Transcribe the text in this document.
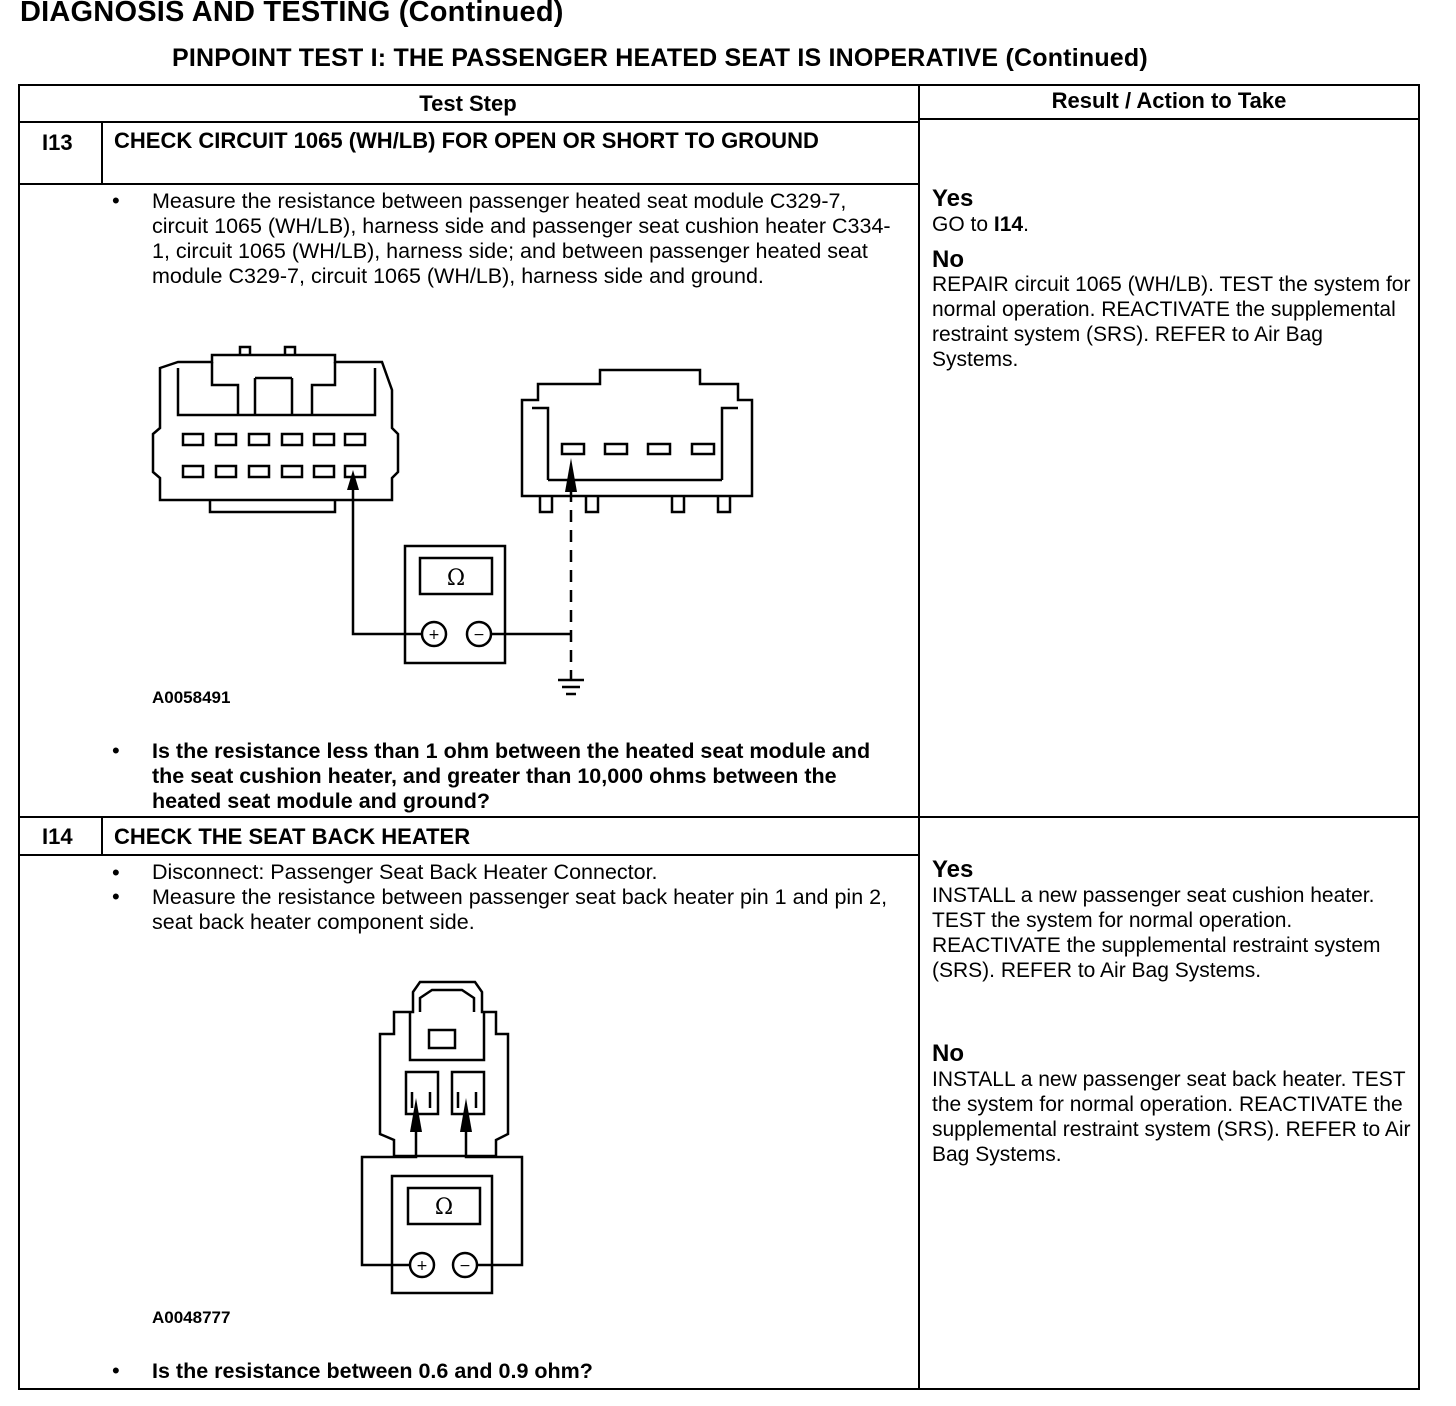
DIAGNOSIS AND TESTING (Continued)
PINPOINT TEST I: THE PASSENGER HEATED SEAT IS INOPERATIVE (Continued)
Test Step	Result / Action to Take
I13 CHECK CIRCUIT 1065 (WH/LB) FOR OPEN OR SHORT TO GROUND
• Measure the resistance between passenger heated seat module C329-7, circuit 1065 (WH/LB), harness side and passenger seat cushion heater C334-1, circuit 1065 (WH/LB), harness side; and between passenger heated seat module C329-7, circuit 1065 (WH/LB), harness side and ground.
+ −
Ω
A0058491
• Is the resistance less than 1 ohm between the heated seat module and the seat cushion heater, and greater than 10,000 ohms between the heated seat module and ground?
Yes
GO to I14.
No
REPAIR circuit 1065 (WH/LB). TEST the system for normal operation. REACTIVATE the supplemental restraint system (SRS). REFER to Air Bag Systems.
I14 CHECK THE SEAT BACK HEATER
• Disconnect: Passenger Seat Back Heater Connector.
• Measure the resistance between passenger seat back heater pin 1 and pin 2, seat back heater component side.
+ −
Ω
A0048777
• Is the resistance between 0.6 and 0.9 ohm?
Yes
INSTALL a new passenger seat cushion heater. TEST the system for normal operation. REACTIVATE the supplemental restraint system (SRS). REFER to Air Bag Systems.
No
INSTALL a new passenger seat back heater. TEST the system for normal operation. REACTIVATE the supplemental restraint system (SRS). REFER to Air Bag Systems.
